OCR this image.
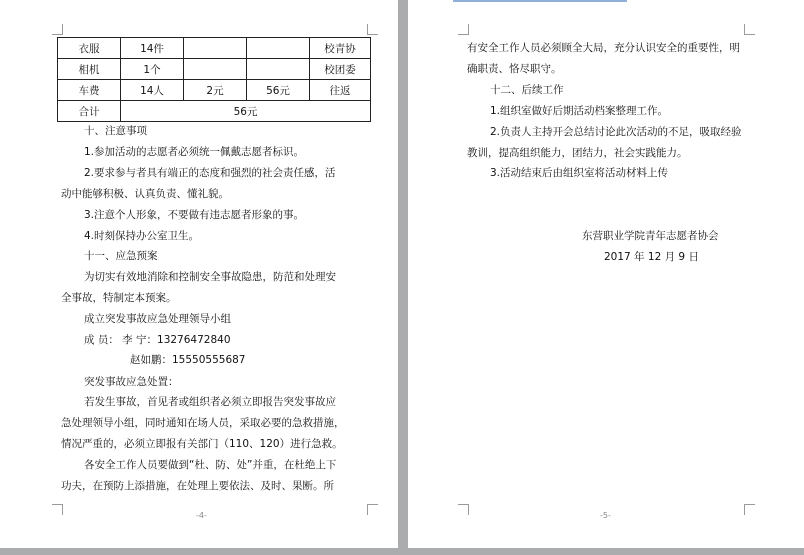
衣服	14件			校青协
相机	1个			校团委
车费	14人	2元	56元	往返
合计	56元			
十、注意事项
1.参加活动的志愿者必须统一佩戴志愿者标识。
2.要求参与者具有端正的态度和强烈的社会责任感，活
动中能够积极、认真负责、懂礼貌。
3.注意个人形象，不要做有违志愿者形象的事。
4.时刻保持办公室卫生。
十一、应急预案
为切实有效地消除和控制安全事故隐患，防范和处理安
全事故，特制定本预案。
成立突发事故应急处理领导小组
成 员： 李 宁：13276472840
赵如鹏：15550555687
突发事故应急处置：
若发生事故，首见者或组织者必须立即报告突发事故应
急处理领导小组，同时通知在场人员，采取必要的急救措施，
情况严重的，必须立即报有关部门（110、120）进行急救。
各安全工作人员要做到“杜、防、处”并重，在杜绝上下
功夫，在预防上添措施，在处理上要依法、及时、果断。所
-4-
有安全工作人员必须顾全大局，充分认识安全的重要性，明
确职责、恪尽职守。
十二、后续工作
1.组织室做好后期活动档案整理工作。
2.负责人主持开会总结讨论此次活动的不足，吸取经验
教训，提高组织能力，团结力，社会实践能力。
3.活动结束后由组织室将活动材料上传
东营职业学院青年志愿者协会
2017 年 12 月 9 日
-5-
